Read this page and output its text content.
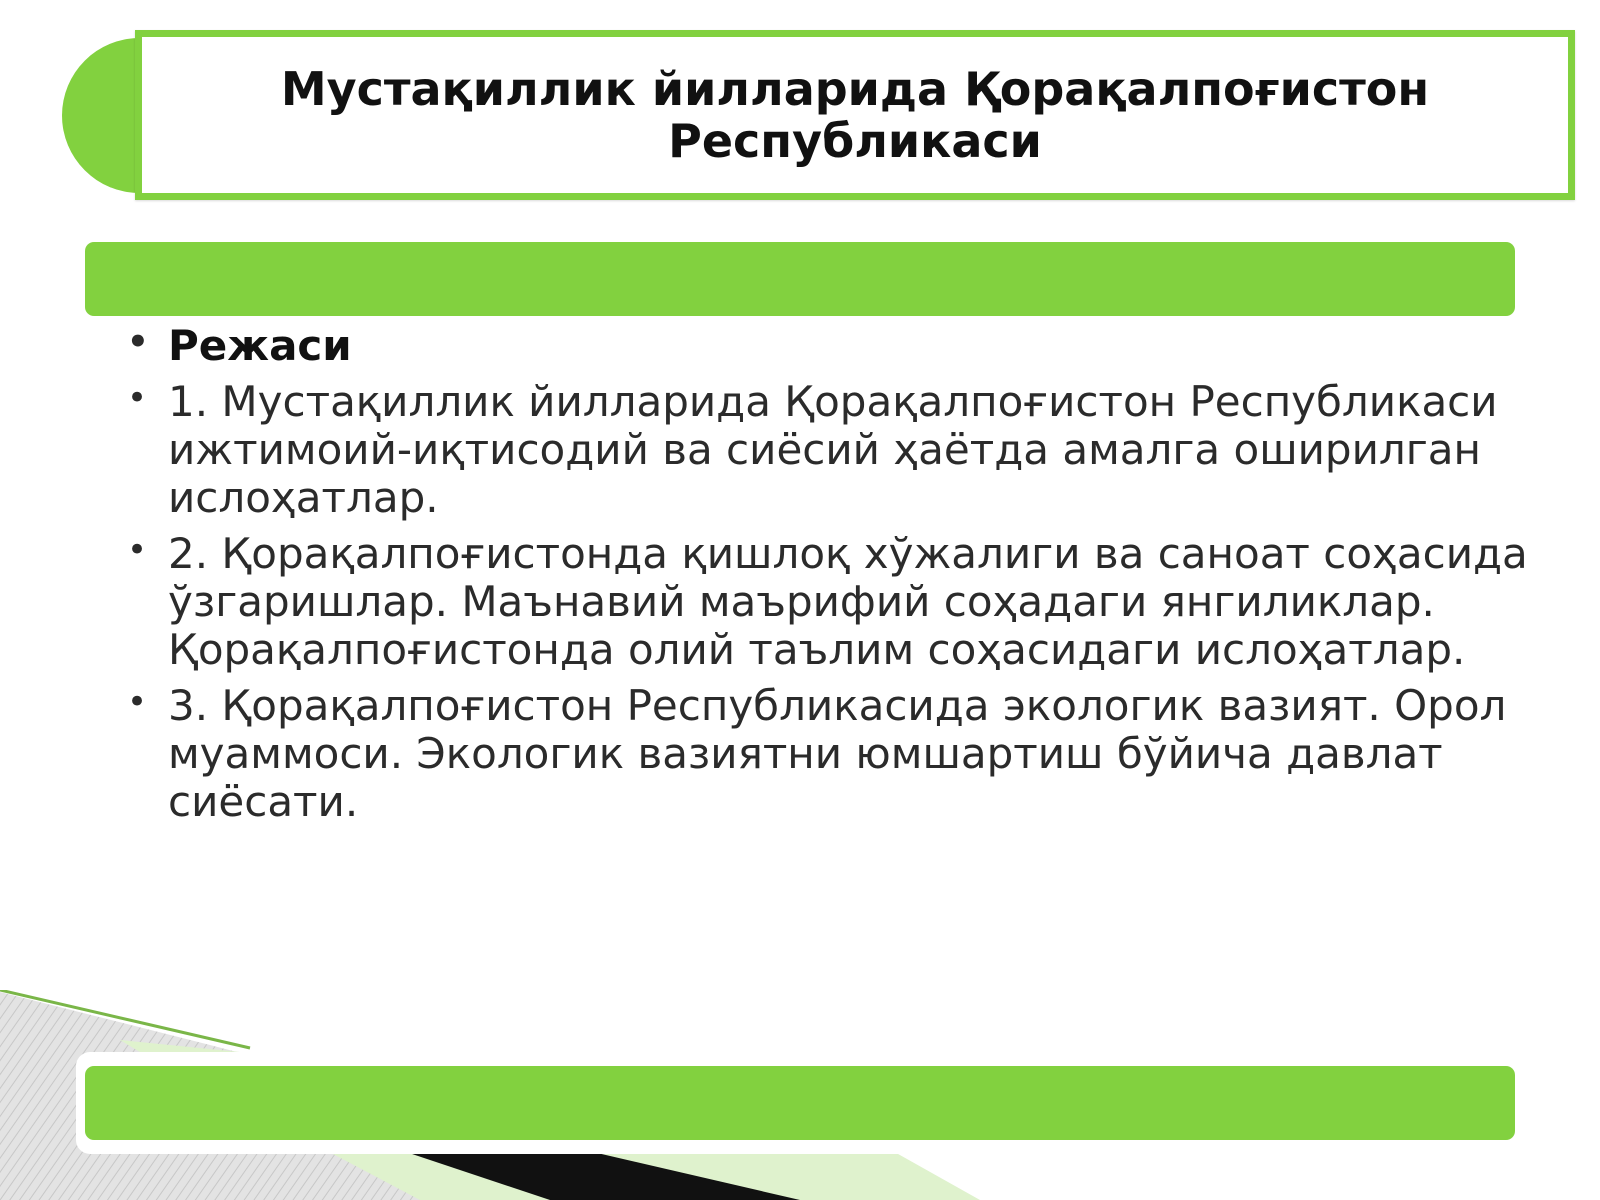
Мустақиллик йилларида Қорақалпоғистон Республикаси
• Режаси
• 1. Мустақиллик йилларида Қорақалпоғистон Республикаси ижтимоий-иқтисодий ва сиёсий ҳаётда амалга оширилган ислоҳатлар.
• 2. Қорақалпоғистонда қишлоқ хўжалиги ва саноат соҳасида ўзгаришлар. Маънавий маърифий соҳадаги янгиликлар. Қорақалпоғистонда олий таълим соҳасидаги ислоҳатлар.
• 3. Қорақалпоғистон Республикасида экологик вазият. Орол муаммоси. Экологик вазиятни юмшартиш бўйича давлат сиёсати.
